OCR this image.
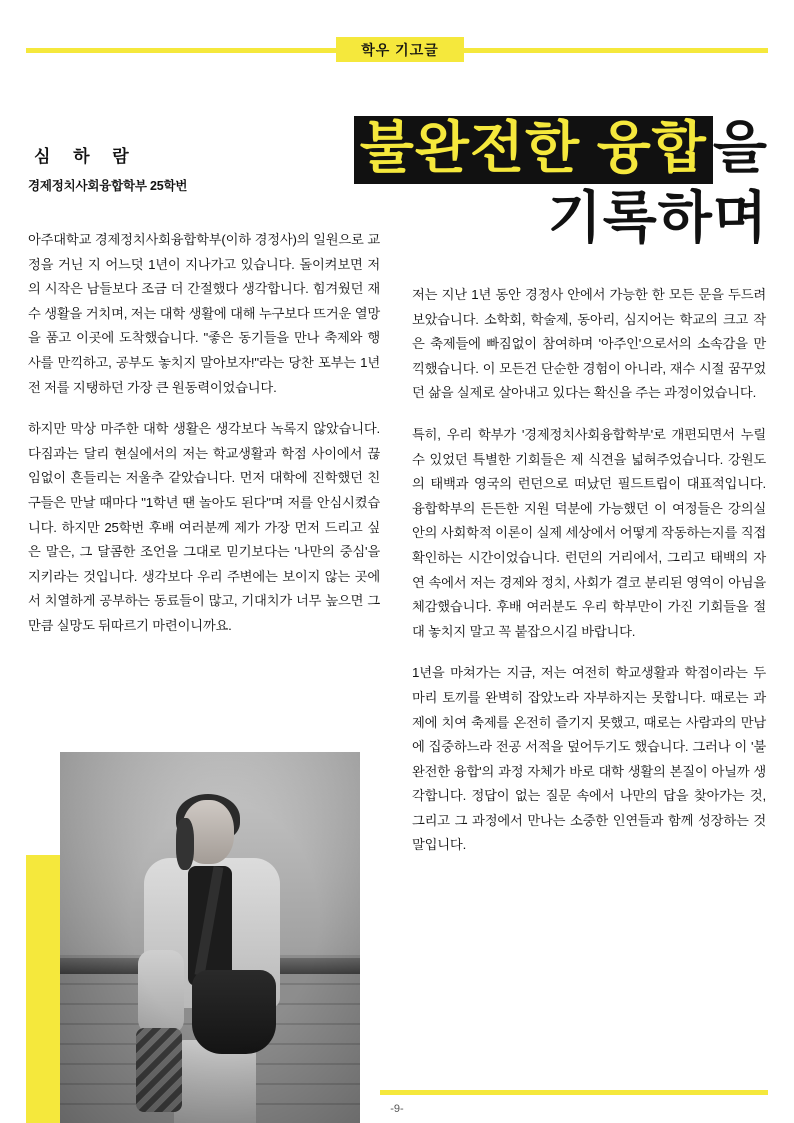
학우 기고글
심 하 람
경제정치사회융합학부 25학번
불완전한 융합 을
기록하며

아주대학교 경제정치사회융합학부(이하 경정사)의 일원으로 교정을 거닌 지 어느덧 1년이 지나가고 있습니다. 돌이켜보면 저의 시작은 남들보다 조금 더 간절했다 생각합니다. 힘겨웠던 재수 생활을 거치며, 저는 대학 생활에 대해 누구보다 뜨거운 열망을 품고 이곳에 도착했습니다. "좋은 동기들을 만나 축제와 행사를 만끽하고, 공부도 놓치지 말아보자!"라는 당찬 포부는 1년 전 저를 지탱하던 가장 큰 원동력이었습니다.

하지만 막상 마주한 대학 생활은 생각보다 녹록지 않았습니다. 다짐과는 달리 현실에서의 저는 학교생활과 학점 사이에서 끊임없이 흔들리는 저울추 같았습니다. 먼저 대학에 진학했던 친구들은 만날 때마다 "1학년 땐 놀아도 된다"며 저를 안심시켰습니다. 하지만 25학번 후배 여러분께 제가 가장 먼저 드리고 싶은 말은, 그 달콤한 조언을 그대로 믿기보다는 '나만의 중심'을 지키라는 것입니다. 생각보다 우리 주변에는 보이지 않는 곳에서 치열하게 공부하는 동료들이 많고, 기대치가 너무 높으면 그만큼 실망도 뒤따르기 마련이니까요.

저는 지난 1년 동안 경정사 안에서 가능한 한 모든 문을 두드려 보았습니다. 소학회, 학술제, 동아리, 심지어는 학교의 크고 작은 축제들에 빠짐없이 참여하며 '아주인'으로서의 소속감을 만끽했습니다. 이 모든건 단순한 경험이 아니라, 재수 시절 꿈꾸었던 삶을 실제로 살아내고 있다는 확신을 주는 과정이었습니다.

특히, 우리 학부가 '경제정치사회융합학부'로 개편되면서 누릴 수 있었던 특별한 기회들은 제 식견을 넓혀주었습니다. 강원도의 태백과 영국의 런던으로 떠났던 필드트립이 대표적입니다. 융합학부의 든든한 지원 덕분에 가능했던 이 여정들은 강의실 안의 사회학적 이론이 실제 세상에서 어떻게 작동하는지를 직접 확인하는 시간이었습니다. 런던의 거리에서, 그리고 태백의 자연 속에서 저는 경제와 정치, 사회가 결코 분리된 영역이 아님을 체감했습니다. 후배 여러분도 우리 학부만이 가진 기회들을 절대 놓치지 말고 꼭 붙잡으시길 바랍니다.

1년을 마쳐가는 지금, 저는 여전히 학교생활과 학점이라는 두 마리 토끼를 완벽히 잡았노라 자부하지는 못합니다. 때로는 과제에 치여 축제를 온전히 즐기지 못했고, 때로는 사람과의 만남에 집중하느라 전공 서적을 덮어두기도 했습니다. 그러나 이 '불완전한 융합'의 과정 자체가 바로 대학 생활의 본질이 아닐까 생각합니다. 정답이 없는 질문 속에서 나만의 답을 찾아가는 것, 그리고 그 과정에서 만나는 소중한 인연들과 함께 성장하는 것 말입니다.

-9-
